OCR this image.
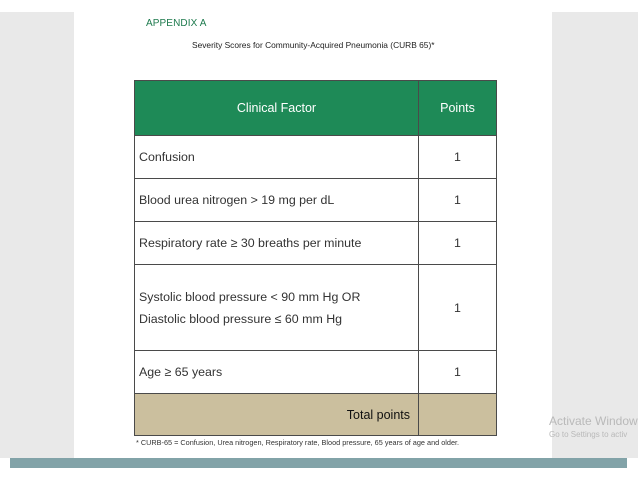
APPENDIX A
Severity Scores for Community-Acquired Pneumonia (CURB 65)*
Clinical Factor	Points
Confusion	1
Blood urea nitrogen > 19 mg per dL	1
Respiratory rate ≥ 30 breaths per minute	1
Systolic blood pressure < 90 mm Hg OR
Diastolic blood pressure ≤ 60 mm Hg	1
Age ≥ 65 years	1
Total points	
* CURB-65 = Confusion, Urea nitrogen, Respiratory rate, Blood pressure, 65 years of age and older.
Activate Window
Go to Settings to activ
